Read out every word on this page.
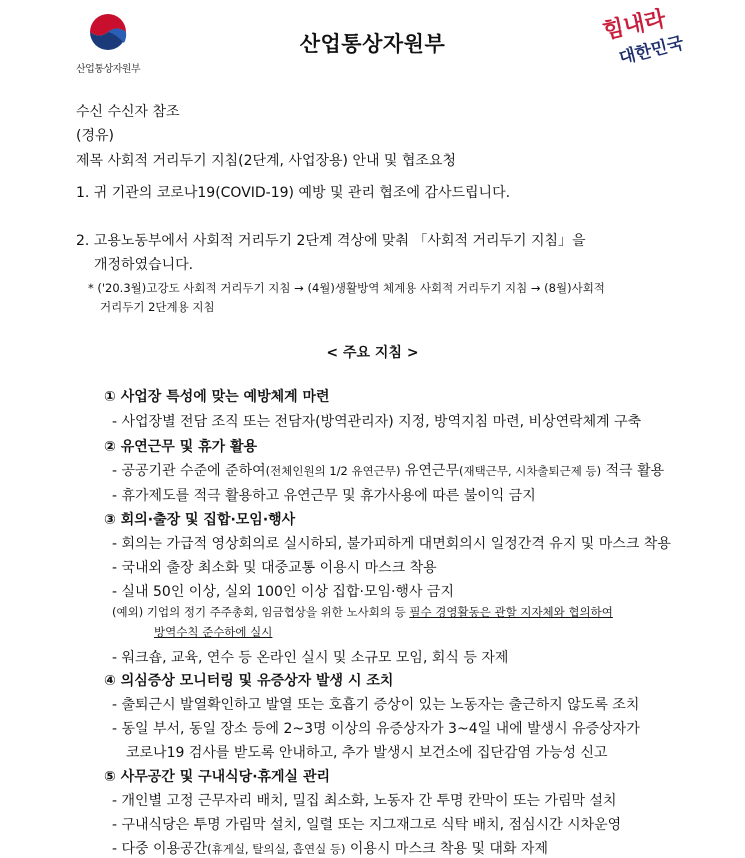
산업통상자원부
산업통상자원부	힘내라
대한민국
수신 수신자 참조
(경유)
제목 사회적 거리두기 지침(2단계, 사업장용) 안내 및 협조요청
1. 귀 기관의 코로나19(COVID-19) 예방 및 관리 협조에 감사드립니다.
2. 고용노동부에서 사회적 거리두기 2단계 격상에 맞춰 「사회적 거리두기 지침」을
개정하였습니다.
* ('20.3월)고강도 사회적 거리두기 지침 → (4월)생활방역 체계용 사회적 거리두기 지침 → (8월)사회적
거리두기 2단계용 지침
< 주요 지침 >
① 사업장 특성에 맞는 예방체계 마련
- 사업장별 전담 조직 또는 전담자(방역관리자) 지정, 방역지침 마련, 비상연락체계 구축
② 유연근무 및 휴가 활용
- 공공기관 수준에 준하여(전체인원의 1/2 유연근무) 유연근무(재택근무, 시차출퇴근제 등) 적극 활용
- 휴가제도를 적극 활용하고 유연근무 및 휴가사용에 따른 불이익 금지
③ 회의·출장 및 집합·모임·행사
- 회의는 가급적 영상회의로 실시하되, 불가피하게 대면회의시 일정간격 유지 및 마스크 착용
- 국내외 출장 최소화 및 대중교통 이용시 마스크 착용
- 실내 50인 이상, 실외 100인 이상 집합·모임·행사 금지
(예외) 기업의 정기 주주총회, 임금협상을 위한 노사회의 등 필수 경영활동은 관할 지자체와 협의하여
방역수칙 준수하에 실시
- 워크숍, 교육, 연수 등 온라인 실시 및 소규모 모임, 회식 등 자제
④ 의심증상 모니터링 및 유증상자 발생 시 조치
- 출퇴근시 발열확인하고 발열 또는 호흡기 증상이 있는 노동자는 출근하지 않도록 조치
- 동일 부서, 동일 장소 등에 2~3명 이상의 유증상자가 3~4일 내에 발생시 유증상자가
코로나19 검사를 받도록 안내하고, 추가 발생시 보건소에 집단감염 가능성 신고
⑤ 사무공간 및 구내식당·휴게실 관리
- 개인별 고정 근무자리 배치, 밀집 최소화, 노동자 간 투명 칸막이 또는 가림막 설치
- 구내식당은 투명 가림막 설치, 일렬 또는 지그재그로 식탁 배치, 점심시간 시차운영
- 다중 이용공간(휴게실, 탈의실, 흡연실 등) 이용시 마스크 착용 및 대화 자제
